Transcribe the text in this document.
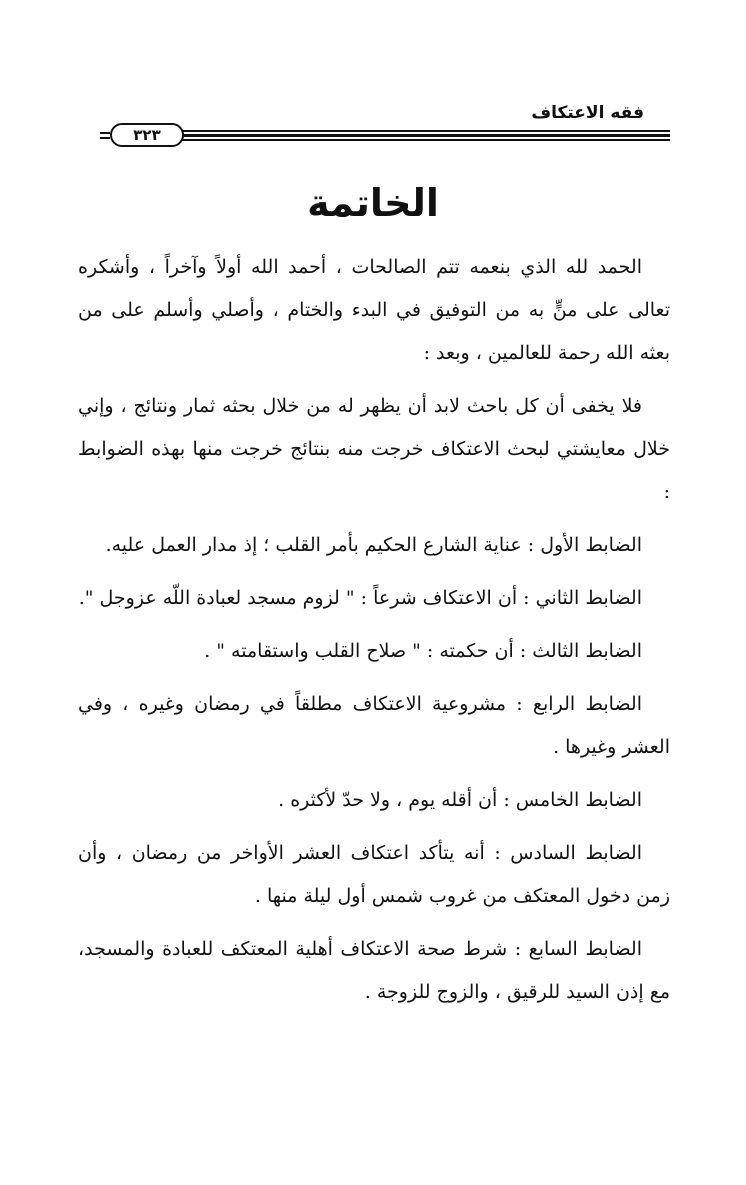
فقه الاعتكاف
٣٢٣
الخاتمة

الحمد لله الذي بنعمه تتم الصالحات ، أحمد الله أولاً وآخراً ، وأشكره تعالى على منٍّ به من التوفيق في البدء والختام ، وأصلي وأسلم على من بعثه الله رحمة للعالمين ، وبعد :

فلا يخفى أن كل باحث لابد أن يظهر له من خلال بحثه ثمار ونتائج ، وإني خلال معايشتي لبحث الاعتكاف خرجت منه بنتائج خرجت منها بهذه الضوابط :

الضابط الأول : عناية الشارع الحكيم بأمر القلب ؛ إذ مدار العمل عليه.

الضابط الثاني : أن الاعتكاف شرعاً : " لزوم مسجد لعبادة اللّه عزوجل ".

الضابط الثالث : أن حكمته : " صلاح القلب واستقامته " .

الضابط الرابع : مشروعية الاعتكاف مطلقاً في رمضان وغيره ، وفي العشر وغيرها .

الضابط الخامس : أن أقله يوم ، ولا حدّ لأكثره .

الضابط السادس : أنه يتأكد اعتكاف العشر الأواخر من رمضان ، وأن زمن دخول المعتكف من غروب شمس أول ليلة منها .

الضابط السابع : شرط صحة الاعتكاف أهلية المعتكف للعبادة والمسجد، مع إذن السيد للرقيق ، والزوج للزوجة .
